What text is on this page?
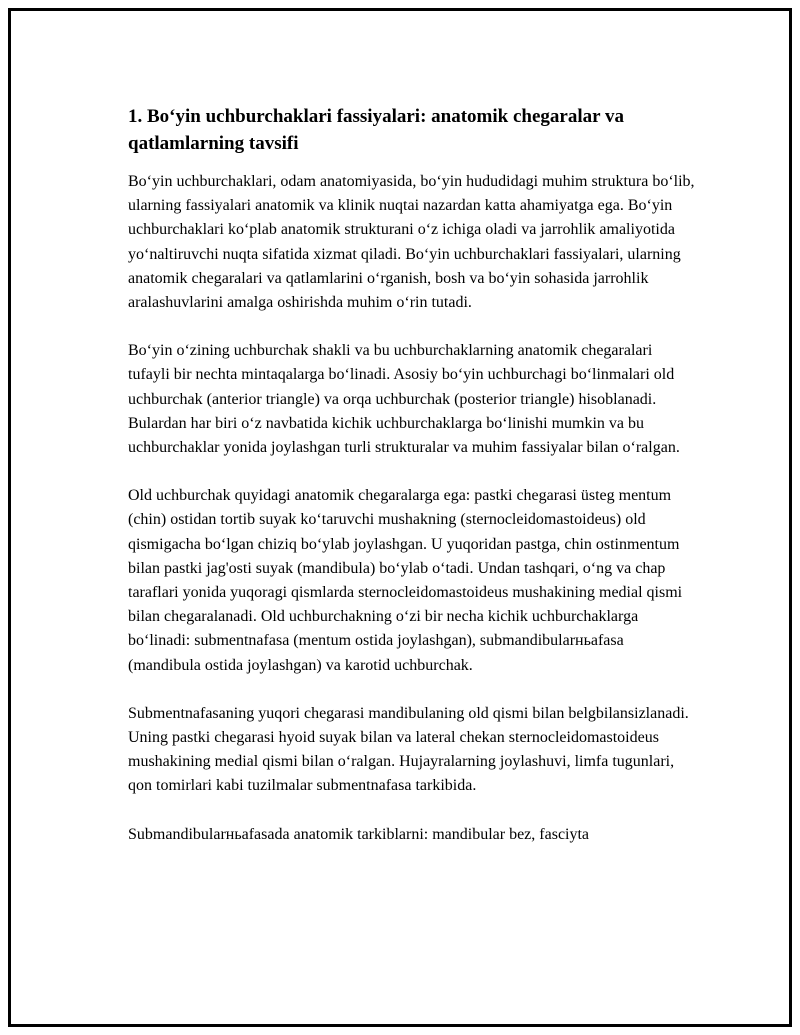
1. Bo‘yin uchburchaklari fassiyalari: anatomik chegaralar va qatlamlarning tavsifi

Bo‘yin uchburchaklari, odam anatomiyasida, bo‘yin hududidagi muhim struktura bo‘lib, ularning fassiyalari anatomik va klinik nuqtai nazardan katta ahamiyatga ega. Bo‘yin uchburchaklari ko‘plab anatomik strukturani o‘z ichiga oladi va jarrohlik amaliyotida yo‘naltiruvchi nuqta sifatida xizmat qiladi. Bo‘yin uchburchaklari fassiyalari, ularning anatomik chegaralari va qatlamlarini o‘rganish, bosh va bo‘yin sohasida jarrohlik aralashuvlarini amalga oshirishda muhim o‘rin tutadi.

Bo‘yin o‘zining uchburchak shakli va bu uchburchaklarning anatomik chegaralari tufayli bir nechta mintaqalarga bo‘linadi. Asosiy bo‘yin uchburchagi bo‘linmalari old uchburchak (anterior triangle) va orqa uchburchak (posterior triangle) hisoblanadi. Bulardan har biri o‘z navbatida kichik uchburchaklarga bo‘linishi mumkin va bu uchburchaklar yonida joylashgan turli strukturalar va muhim fassiyalar bilan o‘ralgan.

Old uchburchak quyidagi anatomik chegaralarga ega: pastki chegarasi üsteg mentum (chin) ostidan tortib suyak ko‘taruvchi mushakning (sternocleidomastoideus) old qismigacha bo‘lgan chiziq bo‘ylab joylashgan. U yuqoridan pastga, chin ostinmentum bilan pastki jag'osti suyak (mandibula) bo‘ylab o‘tadi. Undan tashqari, o‘ng va chap taraflari yonida yuqoragi qismlarda sternocleidomastoideus mushakining medial qismi bilan chegaralanadi. Old uchburchakning o‘zi bir necha kichik uchburchaklarga bo‘linadi: submentnafasa (mentum ostida joylashgan), submandibularньafasa (mandibula ostida joylashgan) va karotid uchburchak.

Submentnafasaning yuqori chegarasi mandibulaning old qismi bilan belgbilansizlanadi. Uning pastki chegarasi hyoid suyak bilan va lateral chekan sternocleidomastoideus mushakining medial qismi bilan o‘ralgan. Hujayralarning joylashuvi, limfa tugunlari, qon tomirlari kabi tuzilmalar submentnafasa tarkibida.

Submandibularньafasada anatomik tarkiblarni: mandibular bez, fasciyta
